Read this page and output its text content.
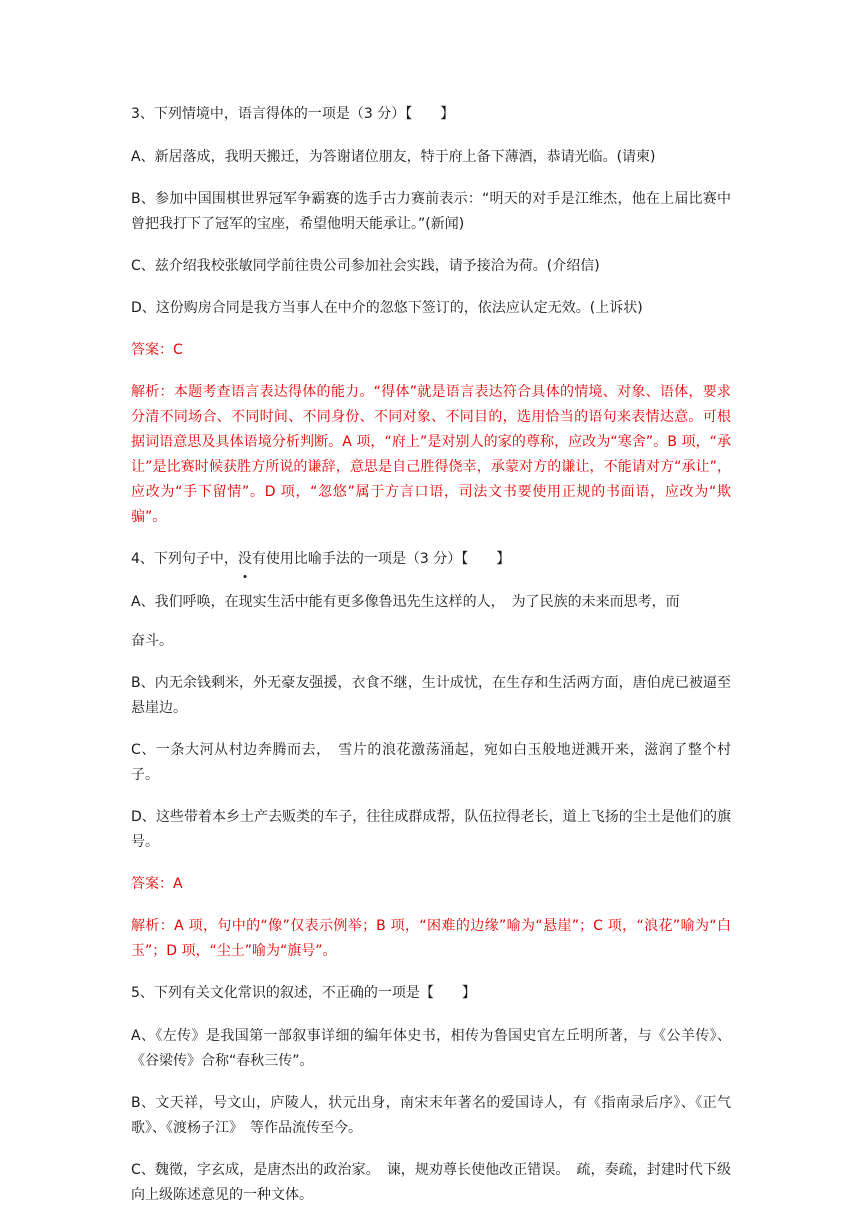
3、下列情境中，语言得体的一项是（3 分）【　　】

A、新居落成，我明天搬迁，为答谢诸位朋友，特于府上备下薄酒，恭请光临。(请柬)

B、参加中国围棋世界冠军争霸赛的选手古力赛前表示：“明天的对手是江维杰，他在上届比赛中曾把我打下了冠军的宝座，希望他明天能承让。”(新闻)

C、兹介绍我校张敏同学前往贵公司参加社会实践，请予接洽为荷。(介绍信)

D、这份购房合同是我方当事人在中介的忽悠下签订的，依法应认定无效。(上诉状)

答案：C

解析：本题考查语言表达得体的能力。“得体”就是语言表达符合具体的情境、对象、语体，要求分清不同场合、不同时间、不同身份、不同对象、不同目的，选用恰当的语句来表情达意。可根据词语意思及具体语境分析判断。A 项，“府上”是对别人的家的尊称，应改为“寒舍”。B 项，“承让”是比赛时候获胜方所说的谦辞，意思是自己胜得侥幸，承蒙对方的谦让，不能请对方“承让”，应改为“手下留情”。D 项，“忽悠”属于方言口语，司法文书要使用正规的书面语，应改为“欺骗”。

4、下列句子中，没有使用比喻手法的一项是（3 分）【　　】

A、我们呼唤，在现实生活中能有更多像鲁迅先生这样的人，　为了民族的未来而思考，而

奋斗。

B、内无余钱剩米，外无豪友强援，衣食不继，生计成忧，在生存和生活两方面，唐伯虎已被逼至悬崖边。

C、一条大河从村边奔腾而去，　雪片的浪花激荡涌起，宛如白玉般地迸溅开来，滋润了整个村子。

D、这些带着本乡土产去贩类的车子，往往成群成帮，队伍拉得老长，道上飞扬的尘土是他们的旗号。

答案：A

解析：A 项，句中的“像”仅表示例举；B 项，“困难的边缘”喻为“悬崖”；C 项，“浪花”喻为“白玉”；D 项，“尘土”喻为“旗号”。

5、下列有关文化常识的叙述，不正确的一项是【　　】

A、《左传》是我国第一部叙事详细的编年体史书，相传为鲁国史官左丘明所著，与《公羊传》、《谷梁传》合称“春秋三传”。

B、文天祥，号文山，庐陵人，状元出身，南宋末年著名的爱国诗人，有《指南录后序》、《正气歌》、《渡杨子江》　等作品流传至今。

C、魏徵，字玄成，是唐杰出的政治家。　谏，规劝尊长使他改正错误。　疏，奏疏，封建时代下级向上级陈述意见的一种文体。
